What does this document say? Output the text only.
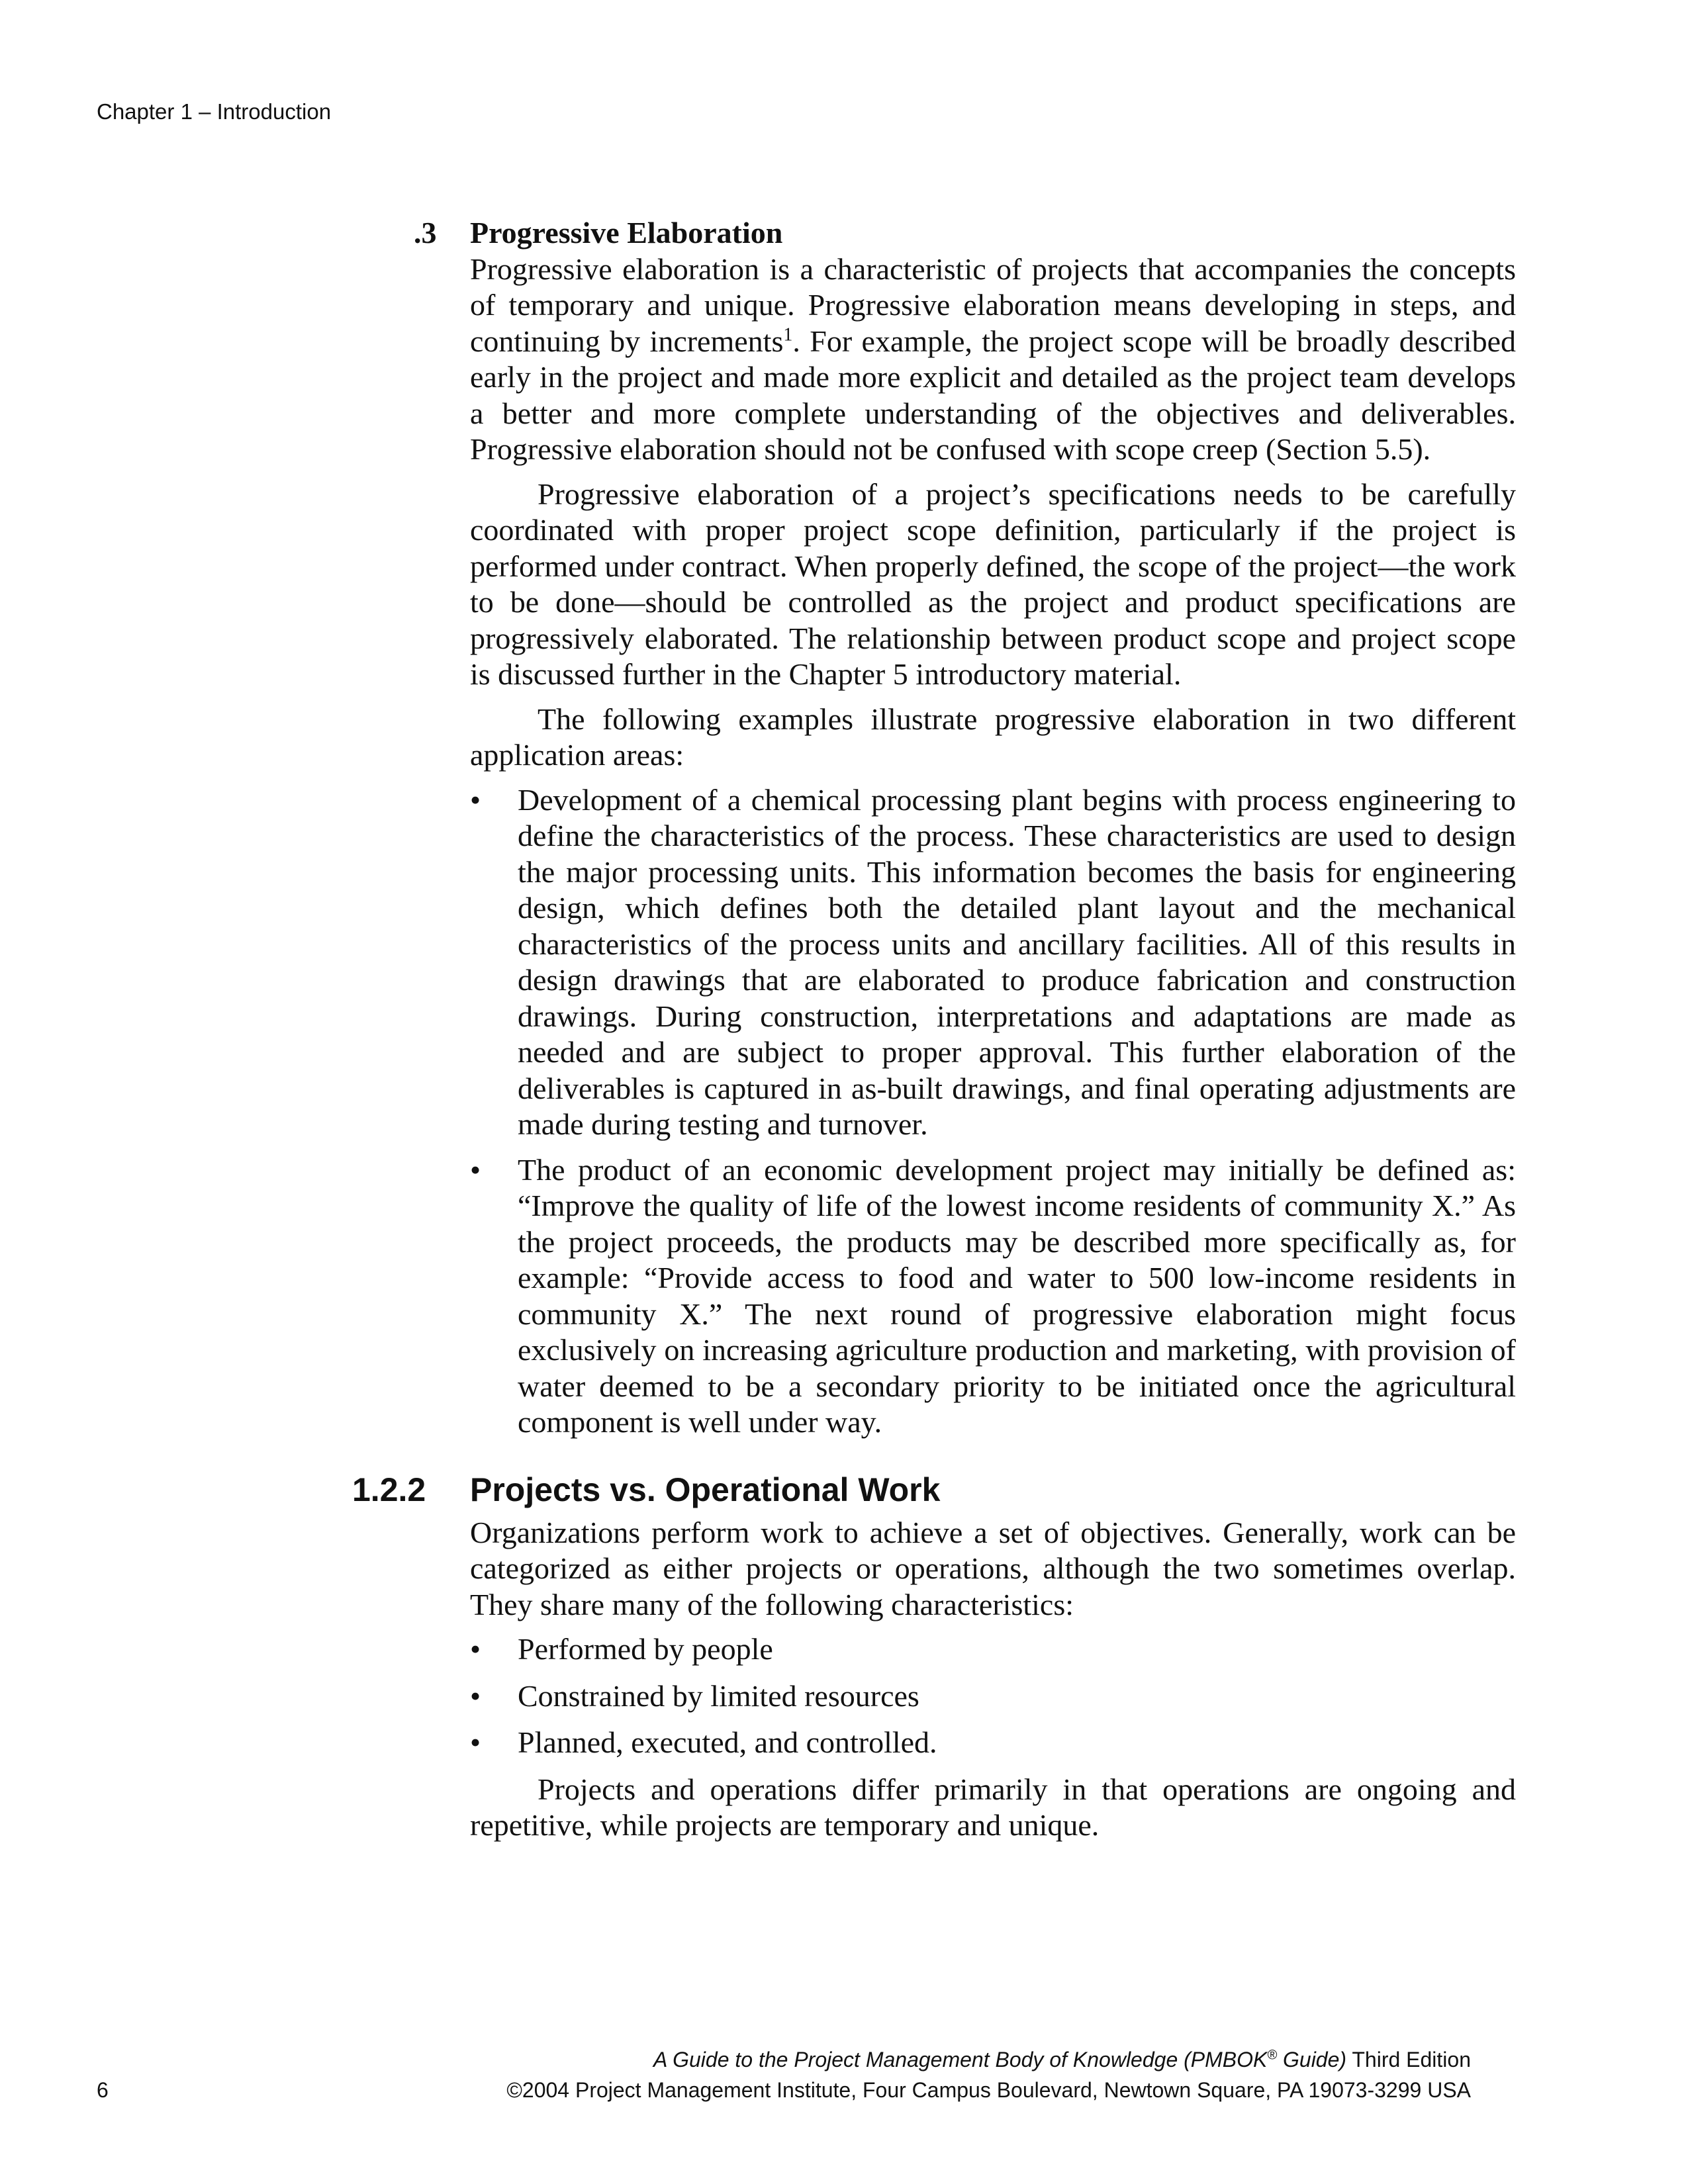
Chapter 1 – Introduction
.3 Progressive Elaboration

Progressive elaboration is a characteristic of projects that accompanies the concepts of temporary and unique. Progressive elaboration means developing in steps, and continuing by increments$^1$. For example, the project scope will be broadly described early in the project and made more explicit and detailed as the project team develops a better and more complete understanding of the objectives and deliverables. Progressive elaboration should not be confused with scope creep (Section 5.5).

Progressive elaboration of a project’s specifications needs to be carefully coordinated with proper project scope definition, particularly if the project is performed under contract. When properly defined, the scope of the project—the work to be done—should be controlled as the project and product specifications are progressively elaborated. The relationship between product scope and project scope is discussed further in the Chapter 5 introductory material.

The following examples illustrate progressive elaboration in two different application areas:

•	Development of a chemical processing plant begins with process engineering to define the characteristics of the process. These characteristics are used to design the major processing units. This information becomes the basis for engineering design, which defines both the detailed plant layout and the mechanical characteristics of the process units and ancillary facilities. All of this results in design drawings that are elaborated to produce fabrication and construction drawings. During construction, interpretations and adaptations are made as needed and are subject to proper approval. This further elaboration of the deliverables is captured in as-built drawings, and final operating adjustments are made during testing and turnover.
•	The product of an economic development project may initially be defined as: “Improve the quality of life of the lowest income residents of community X.” As the project proceeds, the products may be described more specifically as, for example: “Provide access to food and water to 500 low-income residents in community X.” The next round of progressive elaboration might focus exclusively on increasing agriculture production and marketing, with provision of water deemed to be a secondary priority to be initiated once the agricultural component is well under way.
1.2.2 Projects vs. Operational Work

Organizations perform work to achieve a set of objectives. Generally, work can be categorized as either projects or operations, although the two sometimes overlap. They share many of the following characteristics:

•	Performed by people
•	Constrained by limited resources
•	Planned, executed, and controlled.

Projects and operations differ primarily in that operations are ongoing and repetitive, while projects are temporary and unique.

A Guide to the Project Management Body of Knowledge (PMBOK® Guide) Third Edition
©2004 Project Management Institute, Four Campus Boulevard, Newtown Square, PA 19073-3299 USA
6
